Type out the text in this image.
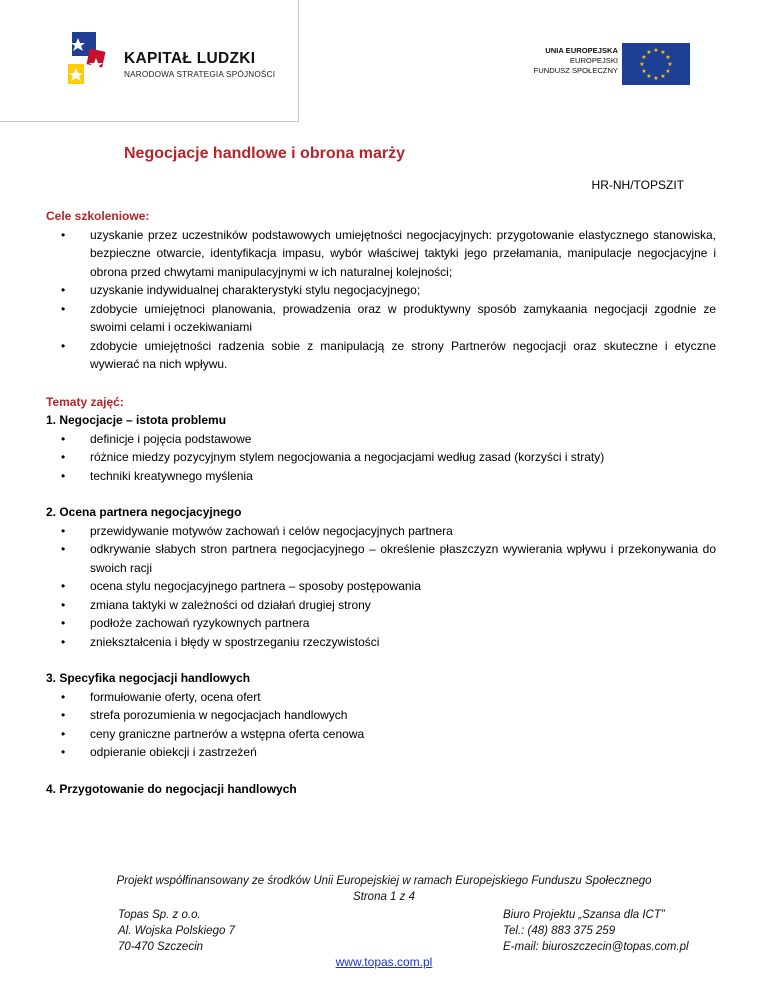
KAPITAŁ LUDZKI
NARODOWA STRATEGIA SPÓJNOŚCI
UNIA EUROPEJSKA
EUROPEJSKI
FUNDUSZ SPOŁECZNY
★ ★
★
★
★
★
★
★
★
★
★
★
Negocjacje handlowe i obrona marży
HR-NH/TOPSZIT
Cele szkoleniowe:
• uzyskanie przez uczestników podstawowych umiejętności negocjacyjnych: przygotowanie elastycznego stanowiska, bezpieczne otwarcie, identyfikacja impasu, wybór właściwej taktyki jego przełamania, manipulacje negocjacyjne i obrona przed chwytami manipulacyjnymi w ich naturalnej kolejności;
• uzyskanie indywidualnej charakterystyki stylu negocjacyjnego;
• zdobycie umiejętnoci planowania, prowadzenia oraz w produktywny sposób zamykaania negocjacji zgodnie ze swoimi celami i oczekiwaniami
• zdobycie umiejętności radzenia sobie z manipulacją ze strony Partnerów negocjacji oraz skuteczne i etyczne wywierać na nich wpływu.
Tematy zajęć:
1. Negocjacje – istota problemu
• definicje i pojęcia podstawowe
• różnice miedzy pozycyjnym stylem negocjowania a negocjacjami według zasad (korzyści i straty)
• techniki kreatywnego myślenia
2. Ocena partnera negocjacyjnego
• przewidywanie motywów zachowań i celów negocjacyjnych partnera
• odkrywanie słabych stron partnera negocjacyjnego – określenie płaszczyzn wywierania wpływu i przekonywania do swoich racji
• ocena stylu negocjacyjnego partnera – sposoby postępowania
• zmiana taktyki w zależności od działań drugiej strony
• podłoże zachowań ryzykownych partnera
• zniekształcenia i błędy w spostrzeganiu rzeczywistości
3. Specyfika negocjacji handlowych
• formułowanie oferty, ocena ofert
• strefa porozumienia w negocjacjach handlowych
• ceny graniczne partnerów a wstępna oferta cenowa
• odpieranie obiekcji i zastrzeżeń
4. Przygotowanie do negocjacji handlowych
Projekt współfinansowany ze środków Unii Europejskiej w ramach Europejskiego Funduszu Społecznego
Strona 1 z 4
Topas Sp. z o.o.
Al. Wojska Polskiego 7
70-470 Szczecin
Biuro Projektu „Szansa dla ICT”
Tel.: (48) 883 375 259
E-mail: biuroszczecin@topas.com.pl
www.topas.com.pl
